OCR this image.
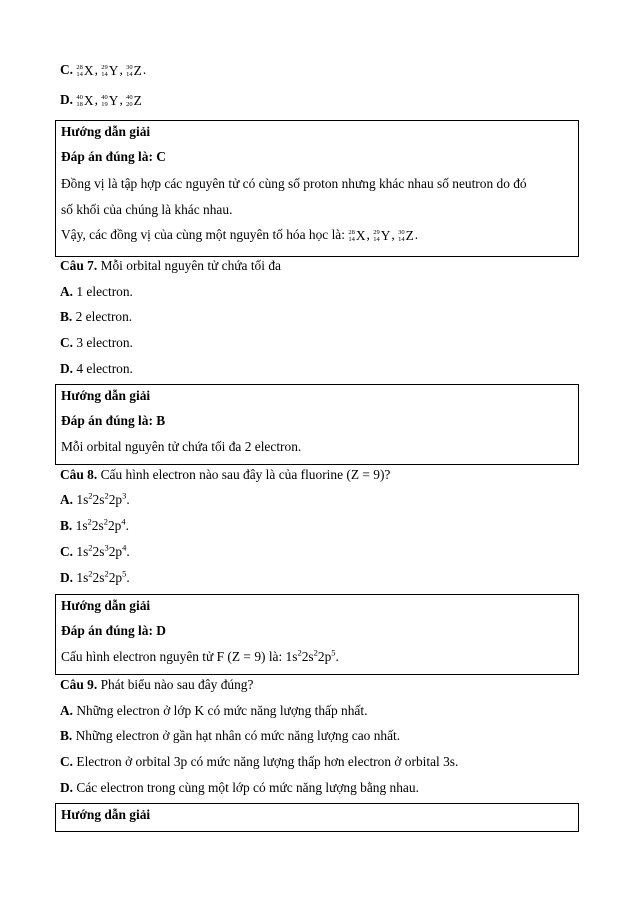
C. 28
14 X, 29
14 Y, 30
14 Z.
D. 40
18 X, 40
19 Y, 40
20 Z
Hướng dẫn giải
Đáp án đúng là: C
Đồng vị là tập hợp các nguyên tử có cùng số proton nhưng khác nhau số neutron do đó
số khối của chúng là khác nhau.
Vậy, các đồng vị của cùng một nguyên tố hóa học là: 28
14 X, 29
14 Y, 30
14 Z.
Câu 7. Mỗi orbital nguyên tử chứa tối đa
A. 1 electron.
B. 2 electron.
C. 3 electron.
D. 4 electron.
Hướng dẫn giải
Đáp án đúng là: B
Mỗi orbital nguyên tử chứa tối đa 2 electron.
Câu 8. Cấu hình electron nào sau đây là của fluorine (Z = 9)?
A. $1s^22s^22p^3$.
B. $1s^22s^22p^4$.
C. $1s^22s^32p^4$.
D. $1s^22s^22p^5$.
Hướng dẫn giải
Đáp án đúng là: D
Cấu hình electron nguyên tử F (Z = 9) là: $1s^22s^22p^5$.
Câu 9. Phát biểu nào sau đây đúng?
A. Những electron ở lớp K có mức năng lượng thấp nhất.
B. Những electron ở gần hạt nhân có mức năng lượng cao nhất.
C. Electron ở orbital 3p có mức năng lượng thấp hơn electron ở orbital 3s.
D. Các electron trong cùng một lớp có mức năng lượng bằng nhau.
Hướng dẫn giải
